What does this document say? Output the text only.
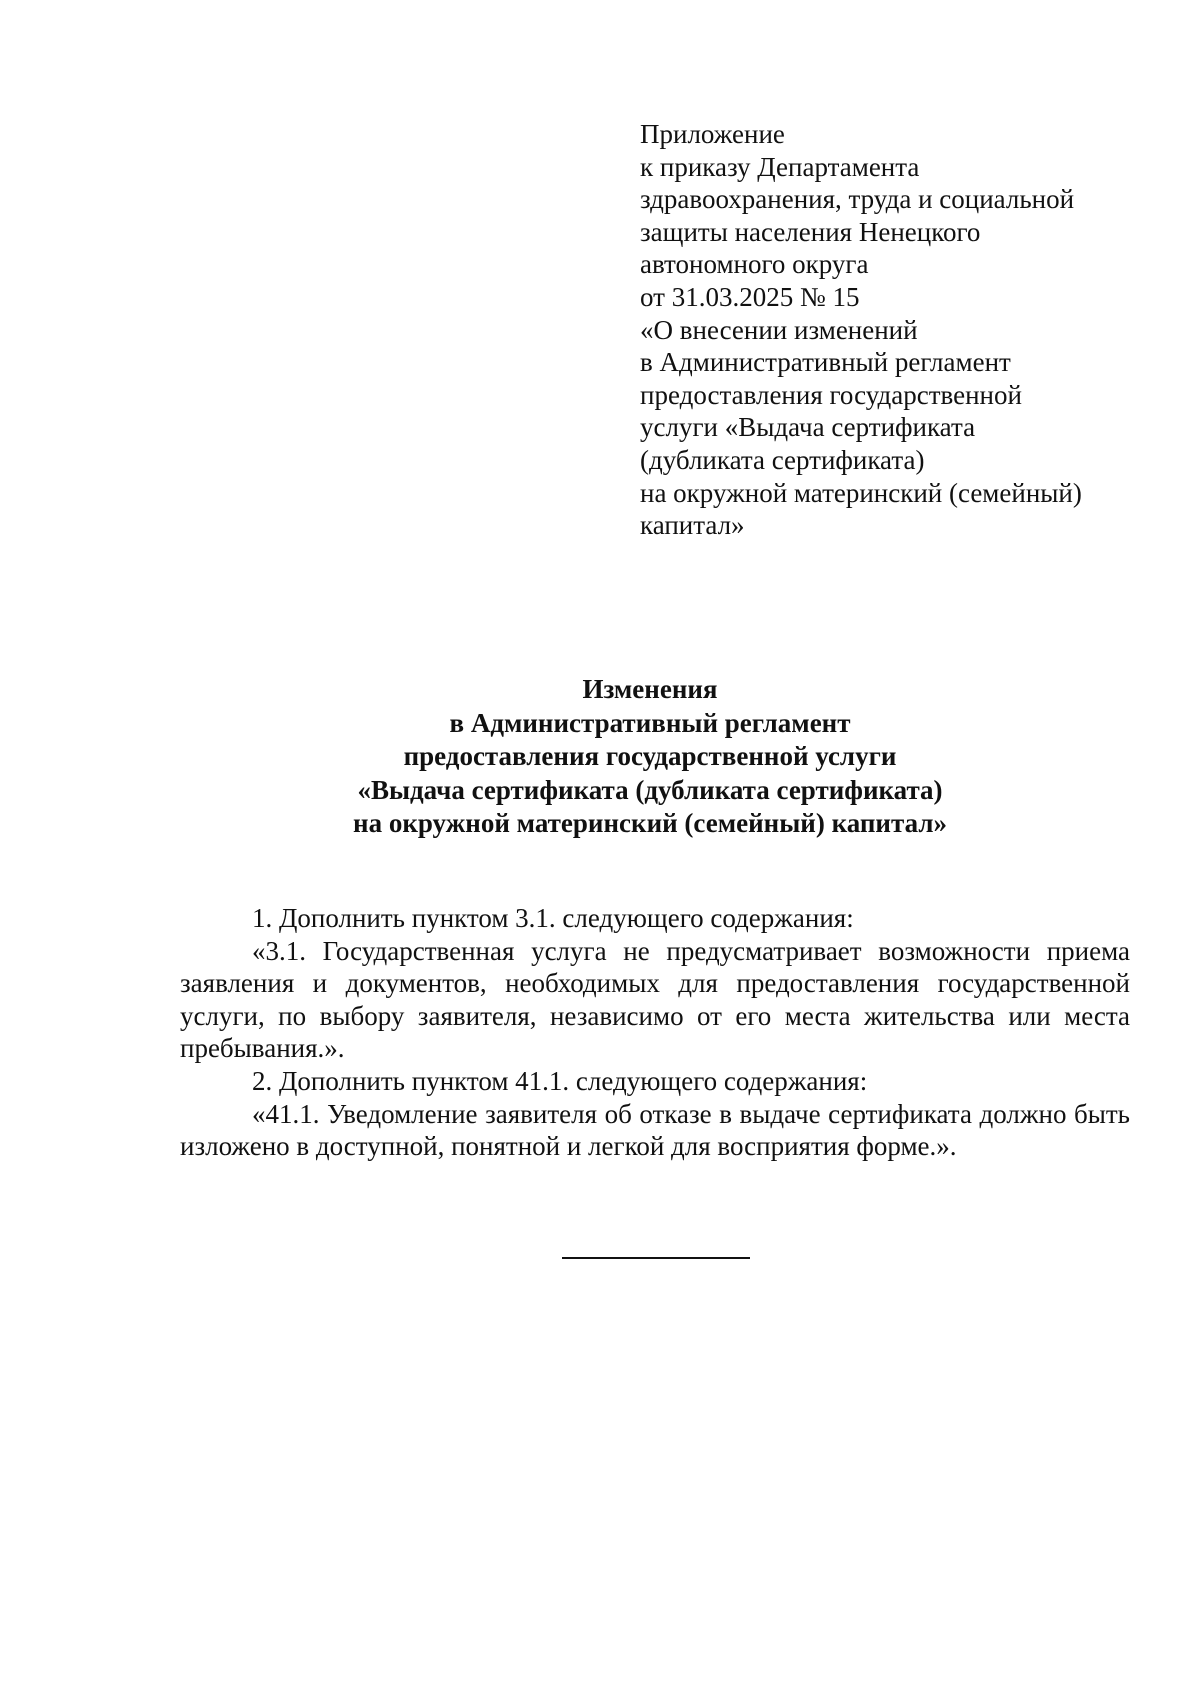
Приложение
к приказу Департамента
здравоохранения, труда и социальной
защиты населения Ненецкого
автономного округа
от 31.03.2025 № 15
«О внесении изменений
в Административный регламент
предоставления государственной
услуги «Выдача сертификата
(дубликата сертификата)
на окружной материнский (семейный)
капитал»
Изменения
в Административный регламент
предоставления государственной услуги
«Выдача сертификата (дубликата сертификата)
на окружной материнский (семейный) капитал»

1. Дополнить пунктом 3.1. следующего содержания:

«3.1. Государственная услуга не предусматривает возможности приема заявления и документов, необходимых для предоставления государственной услуги, по выбору заявителя, независимо от его места жительства или места пребывания.».

2. Дополнить пунктом 41.1. следующего содержания:

«41.1. Уведомление заявителя об отказе в выдаче сертификата должно быть изложено в доступной, понятной и легкой для восприятия форме.».
